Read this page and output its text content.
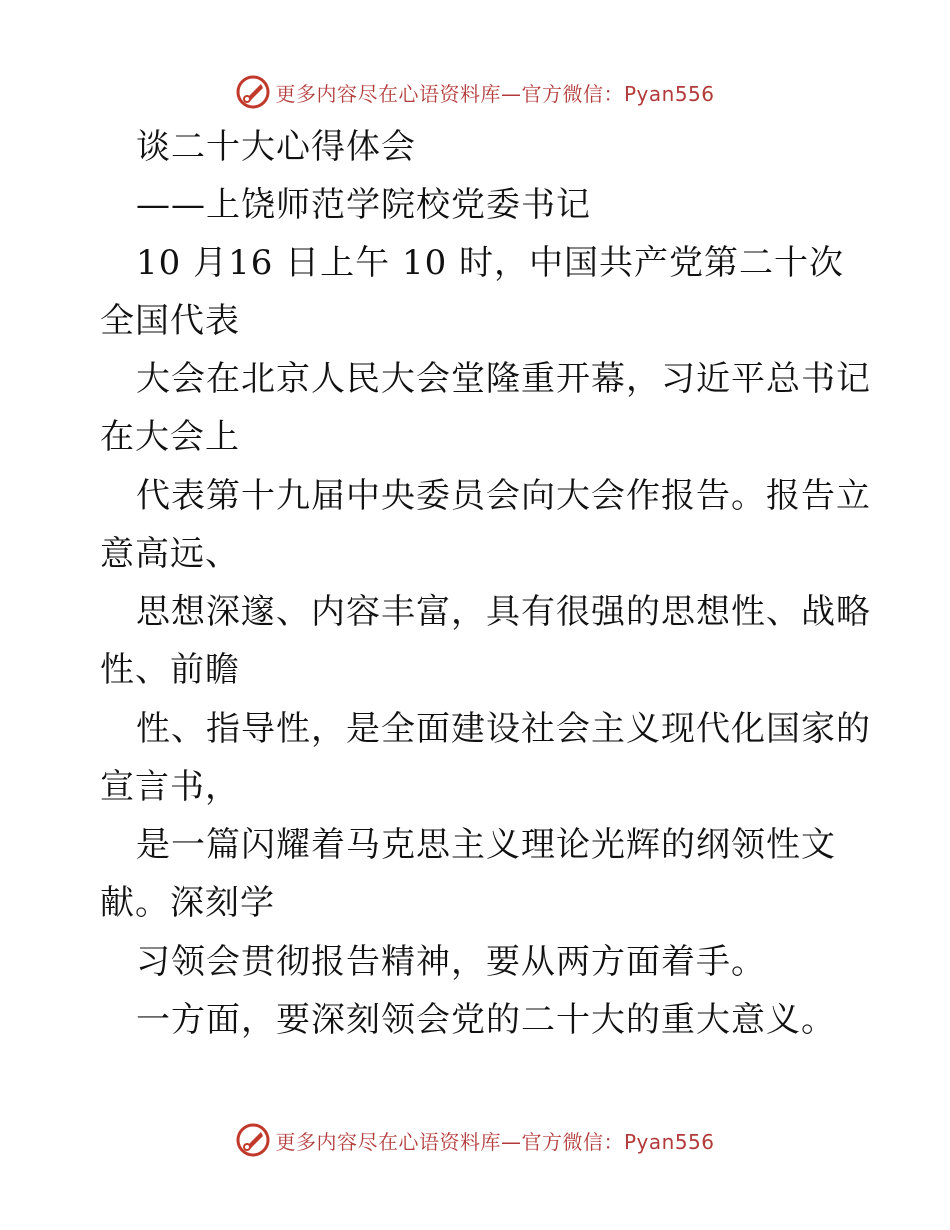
更多内容尽在心语资料库—官方微信：Pyan556
谈二十大心得体会
——上饶师范学院校党委书记
10 月16 日上午 10 时，中国共产党第二十次
全国代表
大会在北京人民大会堂隆重开幕，习近平总书记
在大会上
代表第十九届中央委员会向大会作报告。报告立
意高远、
思想深邃、内容丰富，具有很强的思想性、战略
性、前瞻
性、指导性，是全面建设社会主义现代化国家的
宣言书，
是一篇闪耀着马克思主义理论光辉的纲领性文
献。深刻学
习领会贯彻报告精神，要从两方面着手。
一方面，要深刻领会党的二十大的重大意义。
更多内容尽在心语资料库—官方微信：Pyan556
